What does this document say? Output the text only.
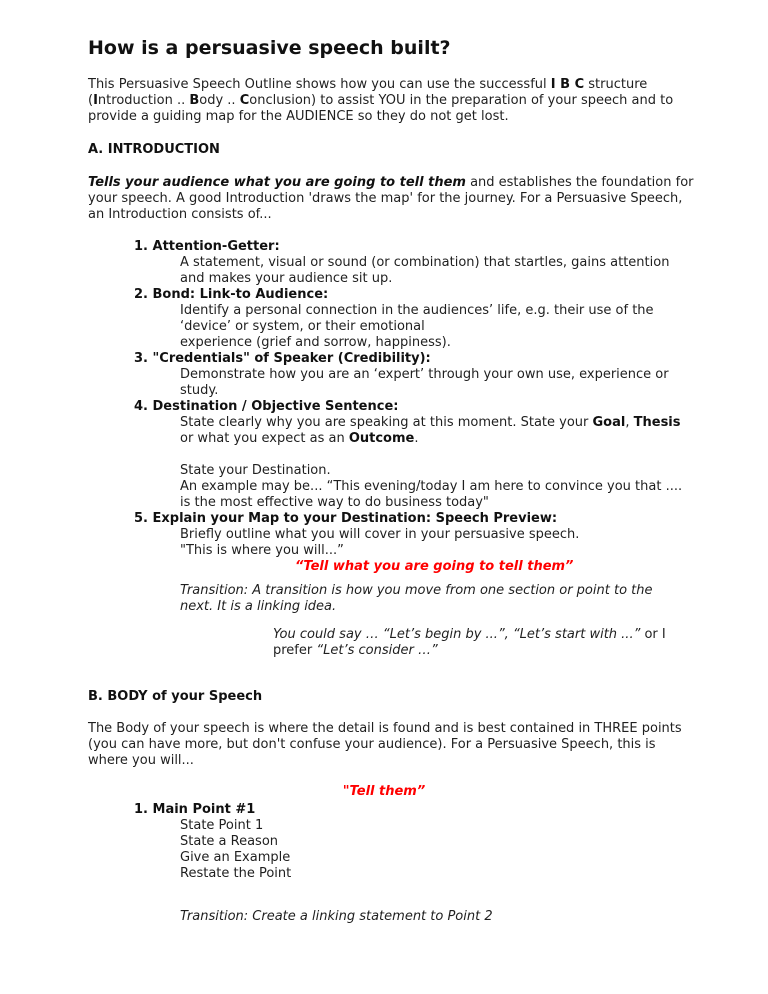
How is a persuasive speech built?
This Persuasive Speech Outline shows how you can use the successful I B C structure
(Introduction .. Body .. Conclusion) to assist YOU in the preparation of your speech and to
provide a guiding map for the AUDIENCE so they do not get lost.
A. INTRODUCTION
Tells your audience what you are going to tell them and establishes the foundation for
your speech. A good Introduction 'draws the map' for the journey. For a Persuasive Speech,
an Introduction consists of...
1. Attention-Getter:
A statement, visual or sound (or combination) that startles, gains attention
and makes your audience sit up.
2. Bond: Link-to Audience:
Identify a personal connection in the audiences’ life, e.g. their use of the
‘device’ or system, or their emotional
experience (grief and sorrow, happiness).
3. "Credentials" of Speaker (Credibility):
Demonstrate how you are an ‘expert’ through your own use, experience or
study.
4. Destination / Objective Sentence:
State clearly why you are speaking at this moment. State your Goal, Thesis
or what you expect as an Outcome.

State your Destination.
An example may be... “This evening/today I am here to convince you that ....
is the most effective way to do business today"
5. Explain your Map to your Destination: Speech Preview:
Briefly outline what you will cover in your persuasive speech.
"This is where you will...”
“Tell what you are going to tell them”
Transition: A transition is how you move from one section or point to the
next. It is a linking idea.
You could say … “Let’s begin by ...”, “Let’s start with ...” or I
prefer “Let’s consider …”
B. BODY of your Speech
The Body of your speech is where the detail is found and is best contained in THREE points
(you can have more, but don't confuse your audience). For a Persuasive Speech, this is
where you will...
"Tell them”
1. Main Point #1
State Point 1
State a Reason
Give an Example
Restate the Point
Transition: Create a linking statement to Point 2
